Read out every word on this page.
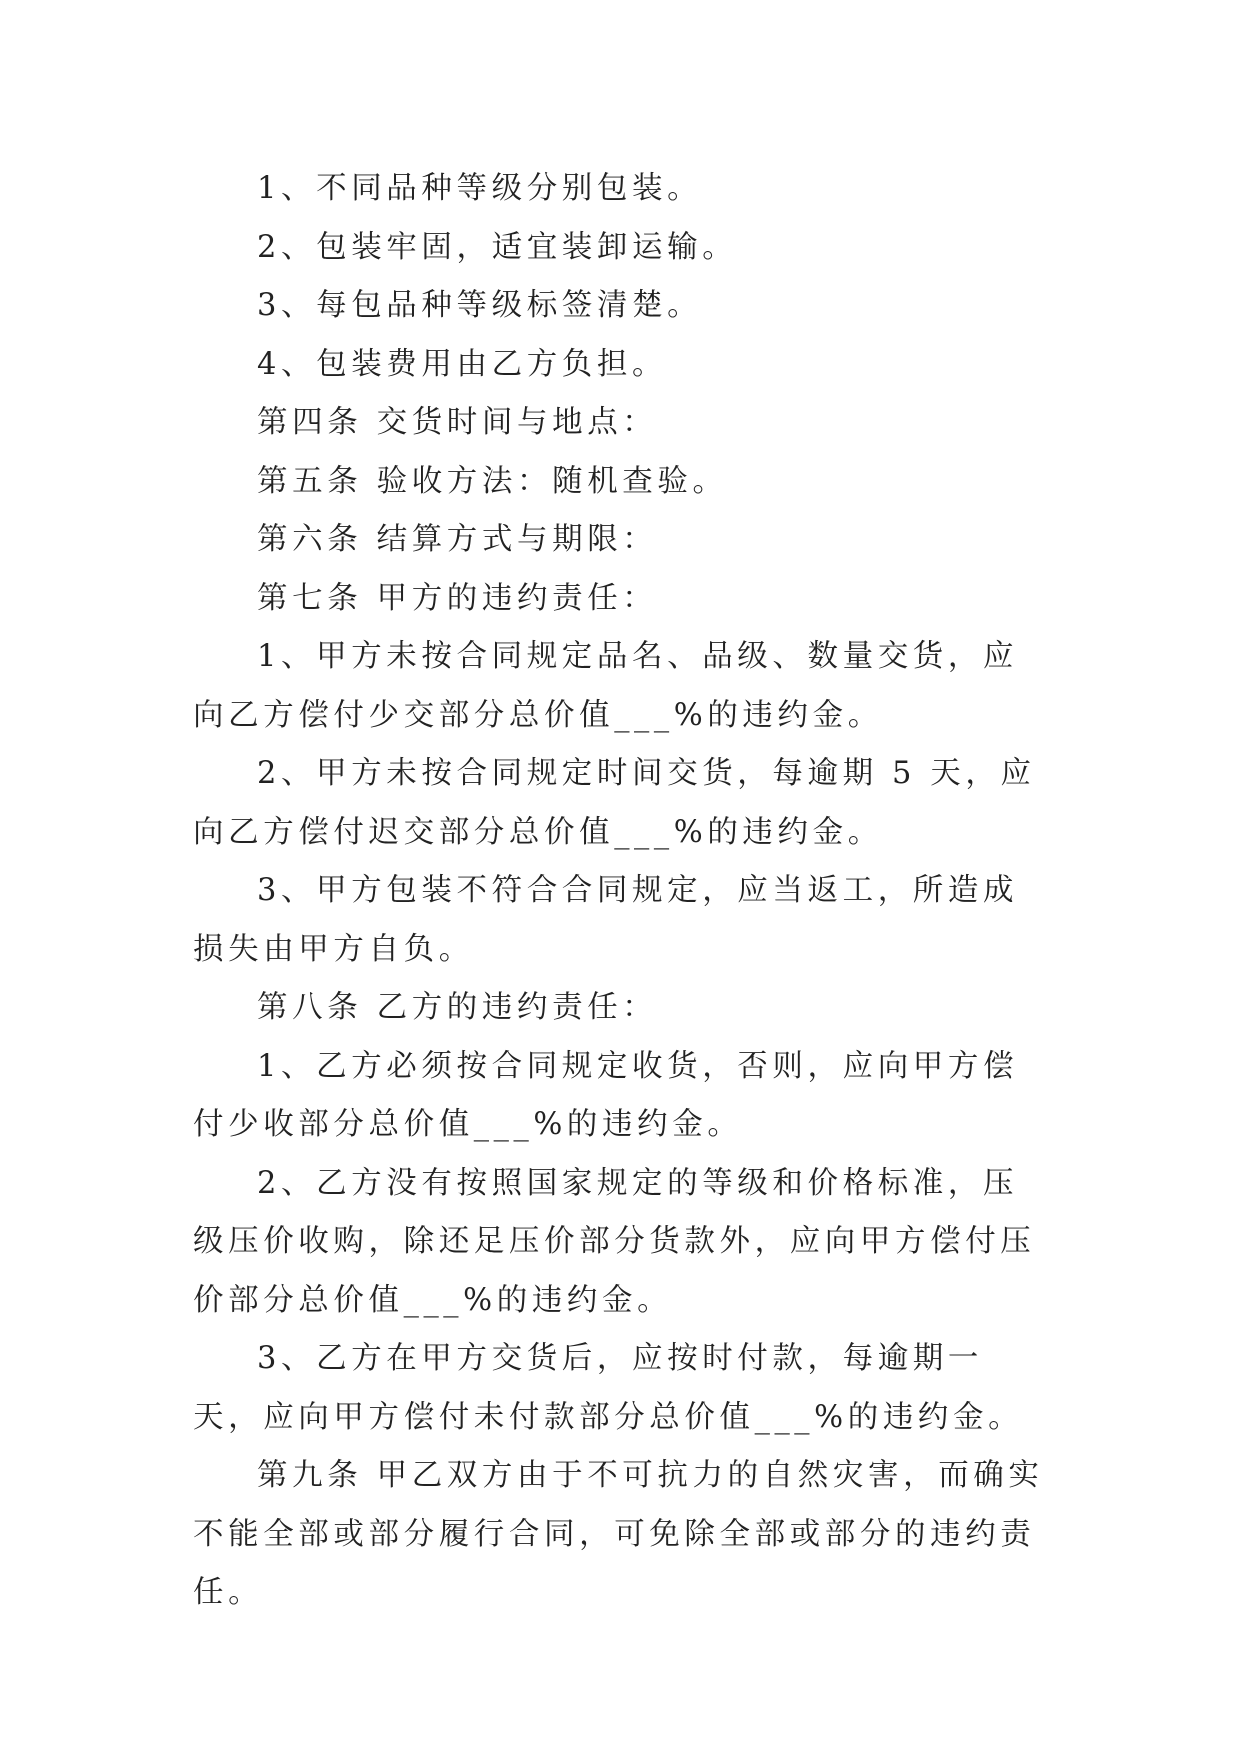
1、不同品种等级分别包装。

2、包装牢固，适宜装卸运输。

3、每包品种等级标签清楚。

4、包装费用由乙方负担。

第四条 交货时间与地点：

第五条 验收方法：随机查验。

第六条 结算方式与期限：

第七条 甲方的违约责任：

1、甲方未按合同规定品名、品级、数量交货，应向乙方偿付少交部分总价值___%的违约金。

2、甲方未按合同规定时间交货，每逾期 5 天，应向乙方偿付迟交部分总价值___%的违约金。

3、甲方包装不符合合同规定，应当返工，所造成损失由甲方自负。

第八条 乙方的违约责任：

1、乙方必须按合同规定收货，否则，应向甲方偿付少收部分总价值___%的违约金。

2、乙方没有按照国家规定的等级和价格标准，压级压价收购，除还足压价部分货款外，应向甲方偿付压价部分总价值___%的违约金。

3、乙方在甲方交货后，应按时付款，每逾期一天，应向甲方偿付未付款部分总价值___%的违约金。

第九条 甲乙双方由于不可抗力的自然灾害，而确实不能全部或部分履行合同，可免除全部或部分的违约责任。
